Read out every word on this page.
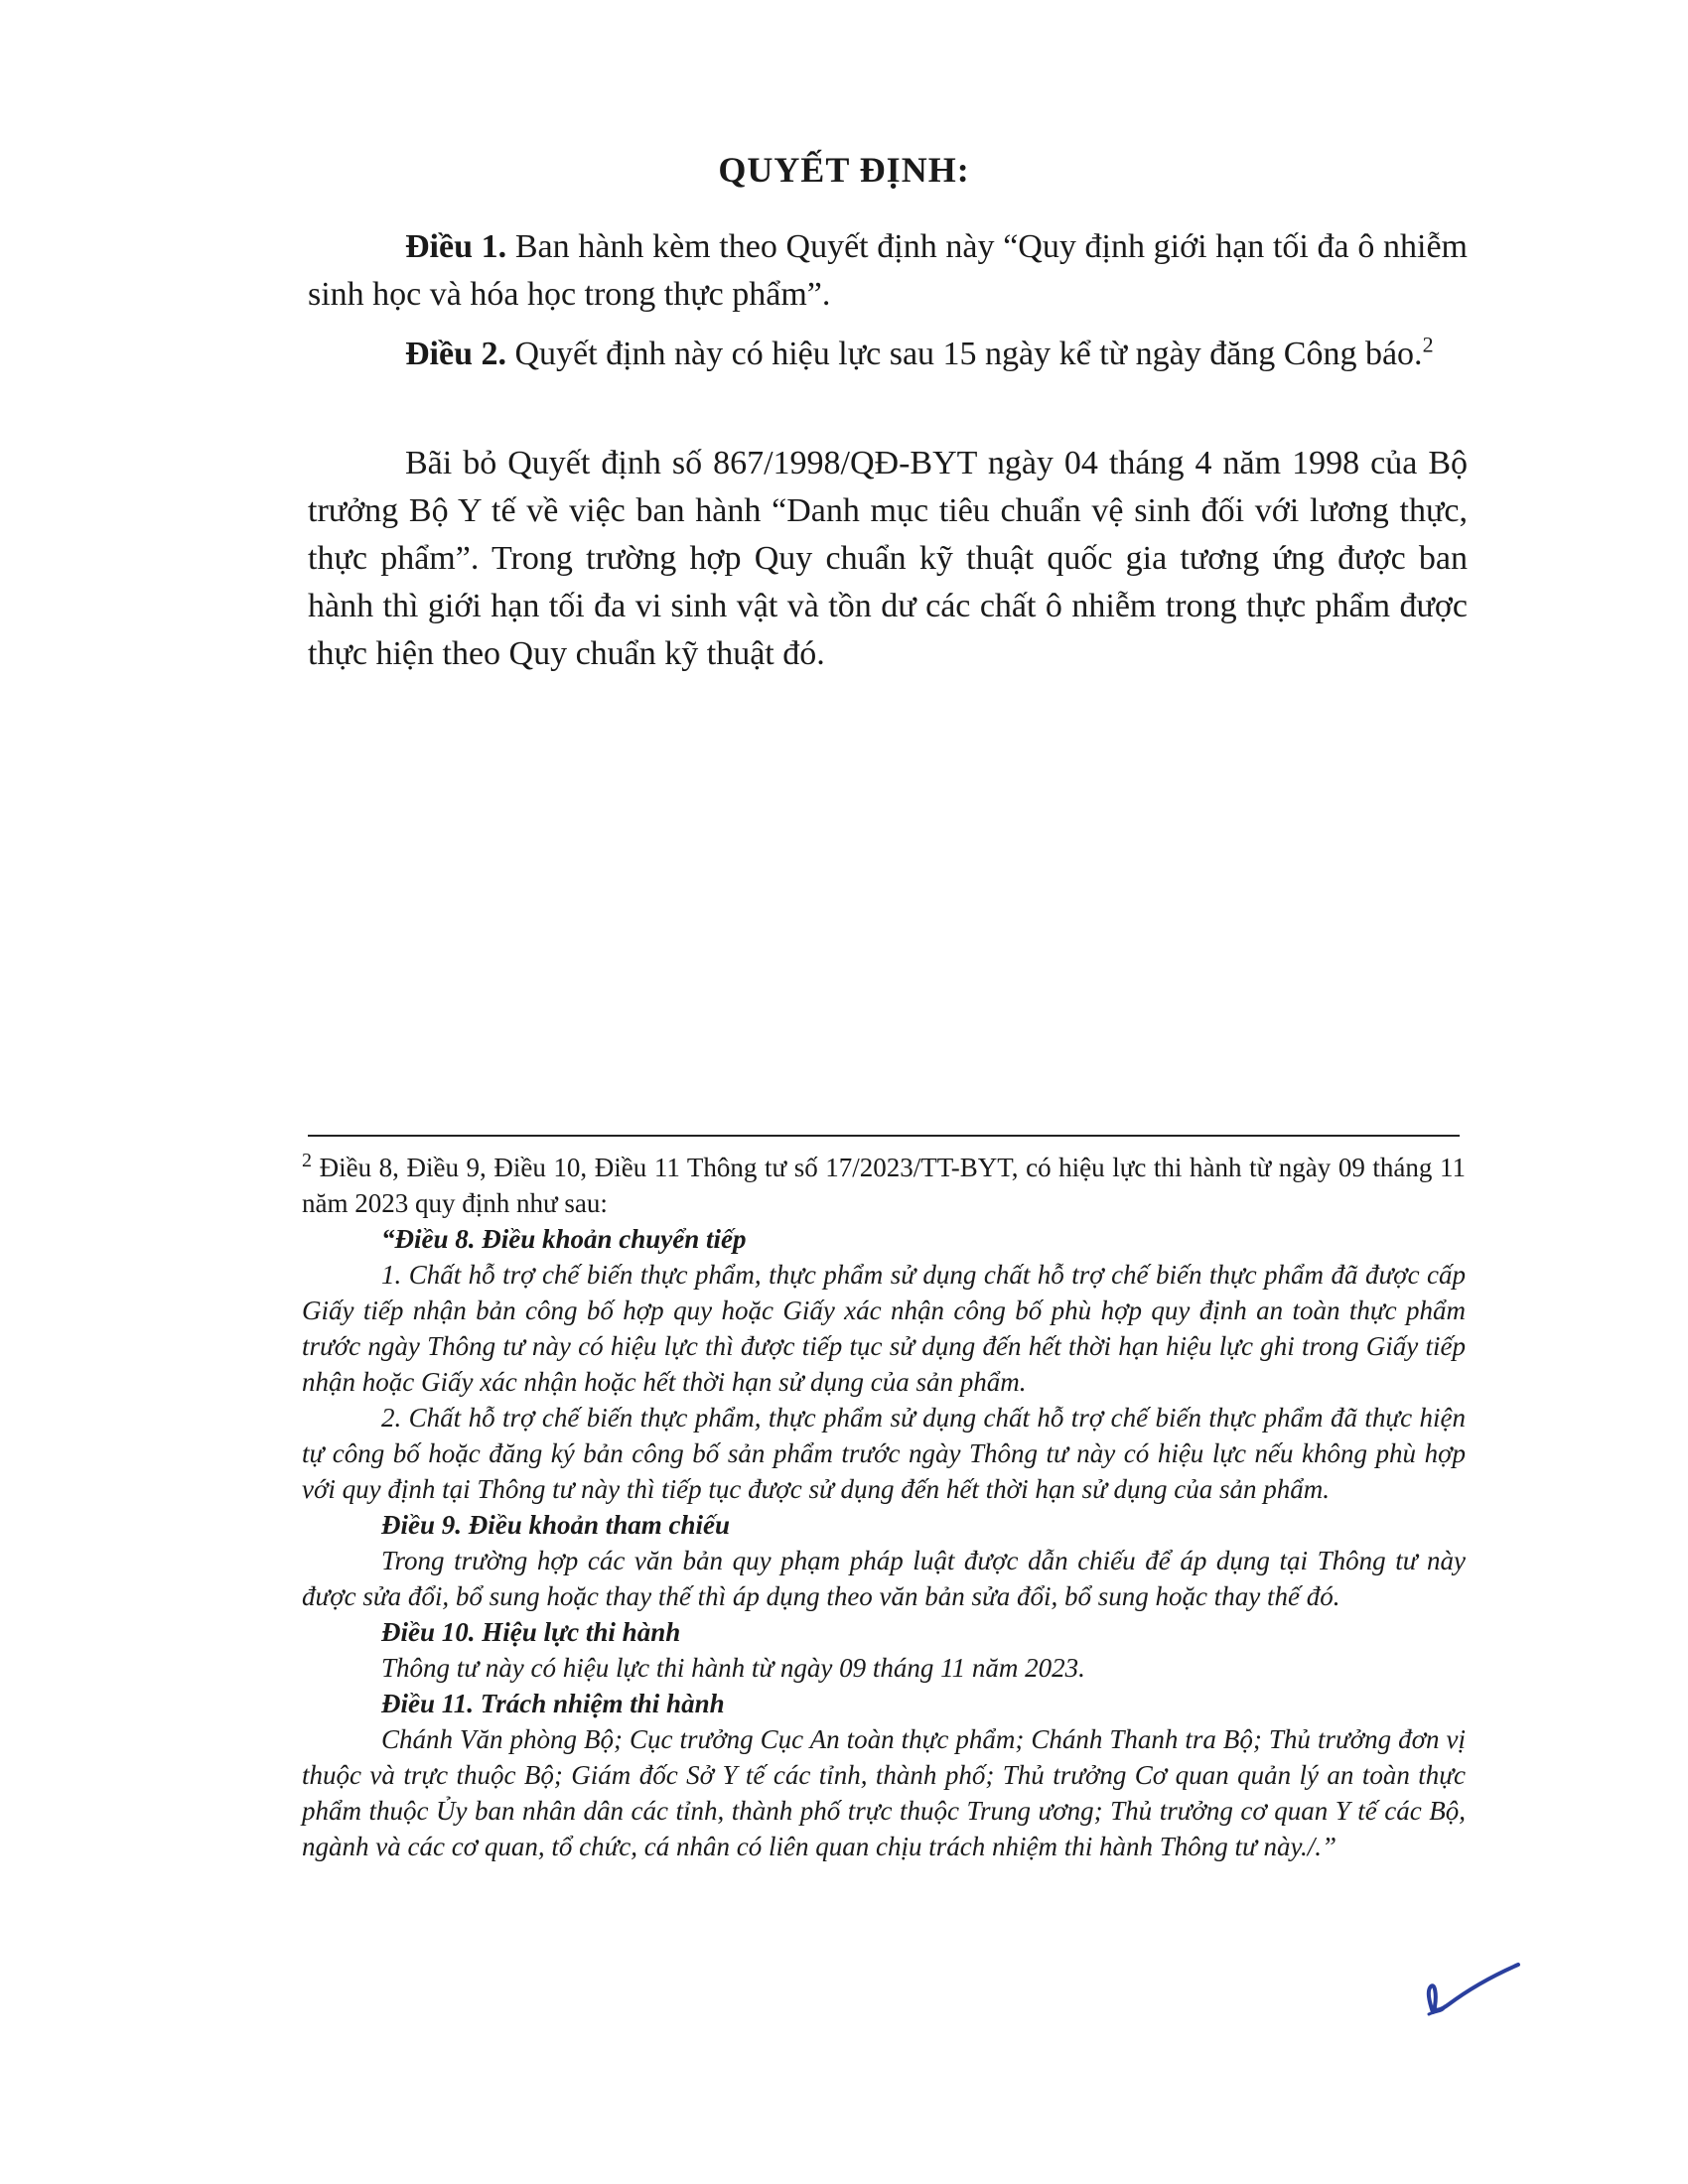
QUYẾT ĐỊNH:
Điều 1. Ban hành kèm theo Quyết định này “Quy định giới hạn tối đa ô nhiễm sinh học và hóa học trong thực phẩm”.
Điều 2. Quyết định này có hiệu lực sau 15 ngày kể từ ngày đăng Công báo.$^2$
Bãi bỏ Quyết định số 867/1998/QĐ-BYT ngày 04 tháng 4 năm 1998 của Bộ trưởng Bộ Y tế về việc ban hành “Danh mục tiêu chuẩn vệ sinh đối với lương thực, thực phẩm”. Trong trường hợp Quy chuẩn kỹ thuật quốc gia tương ứng được ban hành thì giới hạn tối đa vi sinh vật và tồn dư các chất ô nhiễm trong thực phẩm được thực hiện theo Quy chuẩn kỹ thuật đó.

$^2$ Điều 8, Điều 9, Điều 10, Điều 11 Thông tư số 17/2023/TT-BYT, có hiệu lực thi hành từ ngày 09 tháng 11 năm 2023 quy định như sau:

“Điều 8. Điều khoản chuyển tiếp

1. Chất hỗ trợ chế biến thực phẩm, thực phẩm sử dụng chất hỗ trợ chế biến thực phẩm đã được cấp Giấy tiếp nhận bản công bố hợp quy hoặc Giấy xác nhận công bố phù hợp quy định an toàn thực phẩm trước ngày Thông tư này có hiệu lực thì được tiếp tục sử dụng đến hết thời hạn hiệu lực ghi trong Giấy tiếp nhận hoặc Giấy xác nhận hoặc hết thời hạn sử dụng của sản phẩm.

2. Chất hỗ trợ chế biến thực phẩm, thực phẩm sử dụng chất hỗ trợ chế biến thực phẩm đã thực hiện tự công bố hoặc đăng ký bản công bố sản phẩm trước ngày Thông tư này có hiệu lực nếu không phù hợp với quy định tại Thông tư này thì tiếp tục được sử dụng đến hết thời hạn sử dụng của sản phẩm.

Điều 9. Điều khoản tham chiếu

Trong trường hợp các văn bản quy phạm pháp luật được dẫn chiếu để áp dụng tại Thông tư này được sửa đổi, bổ sung hoặc thay thế thì áp dụng theo văn bản sửa đổi, bổ sung hoặc thay thế đó.

Điều 10. Hiệu lực thi hành

Thông tư này có hiệu lực thi hành từ ngày 09 tháng 11 năm 2023.

Điều 11. Trách nhiệm thi hành

Chánh Văn phòng Bộ; Cục trưởng Cục An toàn thực phẩm; Chánh Thanh tra Bộ; Thủ trưởng đơn vị thuộc và trực thuộc Bộ; Giám đốc Sở Y tế các tỉnh, thành phố; Thủ trưởng Cơ quan quản lý an toàn thực phẩm thuộc Ủy ban nhân dân các tỉnh, thành phố trực thuộc Trung ương; Thủ trưởng cơ quan Y tế các Bộ, ngành và các cơ quan, tổ chức, cá nhân có liên quan chịu trách nhiệm thi hành Thông tư này./.”
